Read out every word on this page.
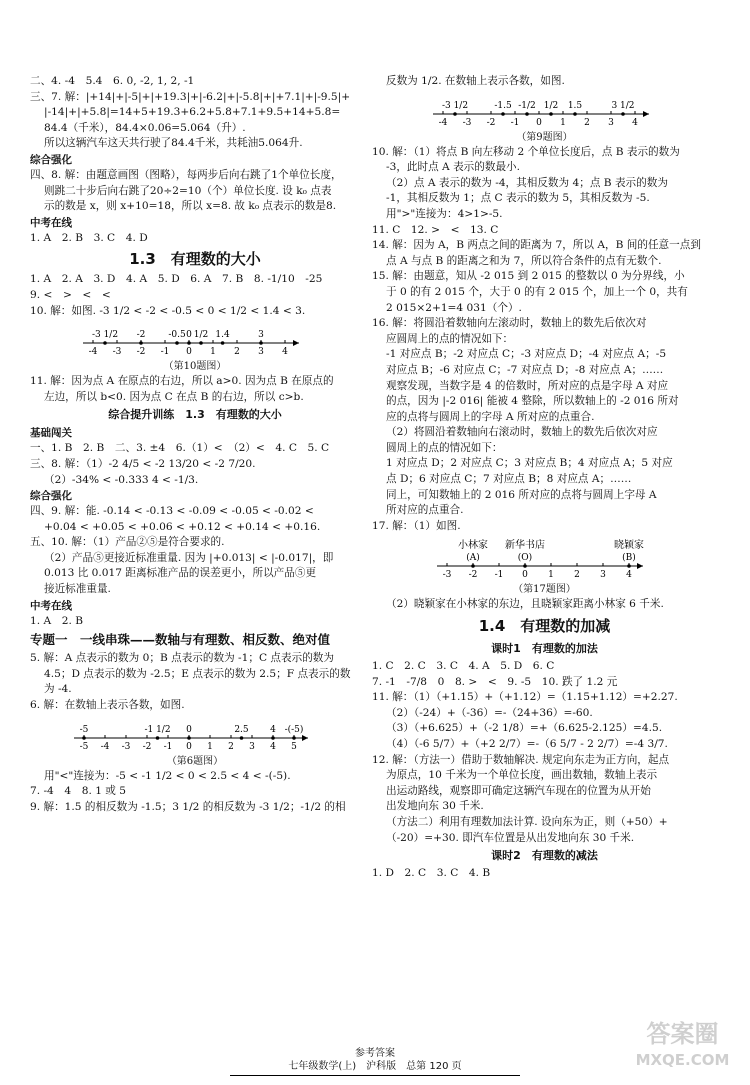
二、4. -4　5.4　6. 0, -2, 1, 2, -1
三、7. 解：|+14|+|-5|+|+19.3|+|-6.2|+|-5.8|+|+7.1|+|-9.5|+
|-14|+|+5.8|=14+5+19.3+6.2+5.8+7.1+9.5+14+5.8=
84.4（千米），84.4×0.06=5.064（升）.
所以这辆汽车这天共行驶了84.4千米，共耗油5.064升.
综合强化
四、8. 解：由题意画图（图略），每两步后向右跳了1个单位长度，
则跳二十步后向右跳了20÷2=10（个）单位长度. 设 k₀ 点表
示的数是 x，则 x+10=18，所以 x=8. 故 k₀ 点表示的数是8.
中考在线
1. A　2. B　3. C　4. D
1.3　有理数的大小
1. A　2. A　3. D　4. A　5. D　6. A　7. B　8. -1/10　-25
9. <　>　<　<
10. 解：如图. -3 1/2 < -2 < -0.5 < 0 < 1/2 < 1.4 < 3.
-4 -3 -2 -1 0 1 2 3 4
-3 1/2 -2	-0.5 0 1/2 1.4	3
（第10题图）
11. 解：因为点 A 在原点的右边，所以 a>0. 因为点 B 在原点的
左边，所以 b<0. 因为点 C 在点 B 的右边，所以 c>b.
综合提升训练　1.3　有理数的大小
基础闯关
一、1. B　2. B　二、3. ±4　6.（1）<　（2）<　4. C　5. C
三、8. 解：（1）-2 4/5 < -2 13/20 < -2 7/20.
（2）-34% < -0.333 4 < -1/3.
综合强化
四、9. 解：能. -0.14 < -0.13 < -0.09 < -0.05 < -0.02 <
+0.04 < +0.05 < +0.06 < +0.12 < +0.14 < +0.16.
五、10. 解：（1）产品②⑤是符合要求的.
（2）产品⑤更接近标准重量. 因为 |+0.013| < |-0.017|，即
0.013 比 0.017 距离标准产品的误差更小，所以产品⑤更
接近标准重量.
中考在线
1. A　2. B
专题一　一线串珠——数轴与有理数、相反数、绝对值
5. 解：A 点表示的数为 0；B 点表示的数为 -1；C 点表示的数为
4.5；D 点表示的数为 -2.5；E 点表示的数为 2.5；F 点表示的数
为 -4.
6. 解：在数轴上表示各数，如图.
-5 -4 -3 -2 -1 0 1 2 3 4 5
-5	-1 1/2 0	2.5 4 -(-5)
（第6题图）
用"<"连接为：-5 < -1 1/2 < 0 < 2.5 < 4 < -(-5).
7. -4　4　8. 1 或 5
9. 解：1.5 的相反数为 -1.5；3 1/2 的相反数为 -3 1/2；-1/2 的相
反数为 1/2. 在数轴上表示各数，如图.
-4 -3 -2 -1 0 1 2 3 4
-3 1/2	-1.5 -1/2 1/2 1.5	3 1/2
（第9题图）
10. 解：（1）将点 B 向左移动 2 个单位长度后，点 B 表示的数为
-3，此时点 A 表示的数最小.
（2）点 A 表示的数为 -4，其相反数为 4；点 B 表示的数为
-1，其相反数为 1；点 C 表示的数为 5，其相反数为 -5.
用">"连接为：4>1>-5.
11. C　12. >　<　13. C
14. 解：因为 A，B 两点之间的距离为 7，所以 A，B 间的任意一点到
点 A 与点 B 的距离之和为 7，所以符合条件的点有无数个.
15. 解：由题意，知从 -2 015 到 2 015 的整数以 0 为分界线，小
于 0 的有 2 015 个，大于 0 的有 2 015 个，加上一个 0，共有
2 015×2+1=4 031（个）.
16. 解：将圆沿着数轴向左滚动时，数轴上的数先后依次对
应圆周上的点的情况如下：
-1 对应点 B；-2 对应点 C；-3 对应点 D；-4 对应点 A；-5
对应点 B；-6 对应点 C；-7 对应点 D；-8 对应点 A；……
观察发现，当数字是 4 的倍数时，所对应的点是字母 A 对应
的点，因为 |-2 016| 能被 4 整除，所以数轴上的 -2 016 所对
应的点将与圆周上的字母 A 所对应的点重合.
（2）将圆沿着数轴向右滚动时，数轴上的数先后依次对应
圆周上的点的情况如下：
1 对应点 D；2 对应点 C；3 对应点 B；4 对应点 A；5 对应
点 D；6 对应点 C；7 对应点 B；8 对应点 A；……
同上，可知数轴上的 2 016 所对应的点将与圆周上字母 A
所对应的点重合.
17. 解：（1）如图.
-3 -2 -1 0 1 2 3 4
(A)
小林家
(O)
新华书店
(B)
晓颖家
（第17题图）
（2）晓颖家在小林家的东边，且晓颖家距离小林家 6 千米.
1.4　有理数的加减
课时1　有理数的加法
1. C　2. C　3. C　4. A　5. D　6. C
7. -1　-7/8　0　8. >　<　9. -5　10. 跌了 1.2 元
11. 解：（1）（+1.15）+（+1.12）=（1.15+1.12）=+2.27.
（2）（-24）+（-36）=-（24+36）=-60.
（3）（+6.625）+（-2 1/8）=+（6.625-2.125）=4.5.
（4）（-6 5/7）+（+2 2/7）=-（6 5/7 - 2 2/7）=-4 3/7.
12. 解：（方法一）借助于数轴解决. 规定向东走为正方向，起点
为原点，10 千米为一个单位长度，画出数轴，数轴上表示
出运动路线，观察即可确定这辆汽车现在的位置为从开始
出发地向东 30 千米.
（方法二）利用有理数加法计算. 设向东为正，则（+50）+
（-20）=+30. 即汽车位置是从出发地向东 30 千米.
课时2　有理数的减法
1. D　2. C　3. C　4. B
参考答案
七年级数学(上)　沪科版　总第 120 页
答案圈
MXQE.COM
